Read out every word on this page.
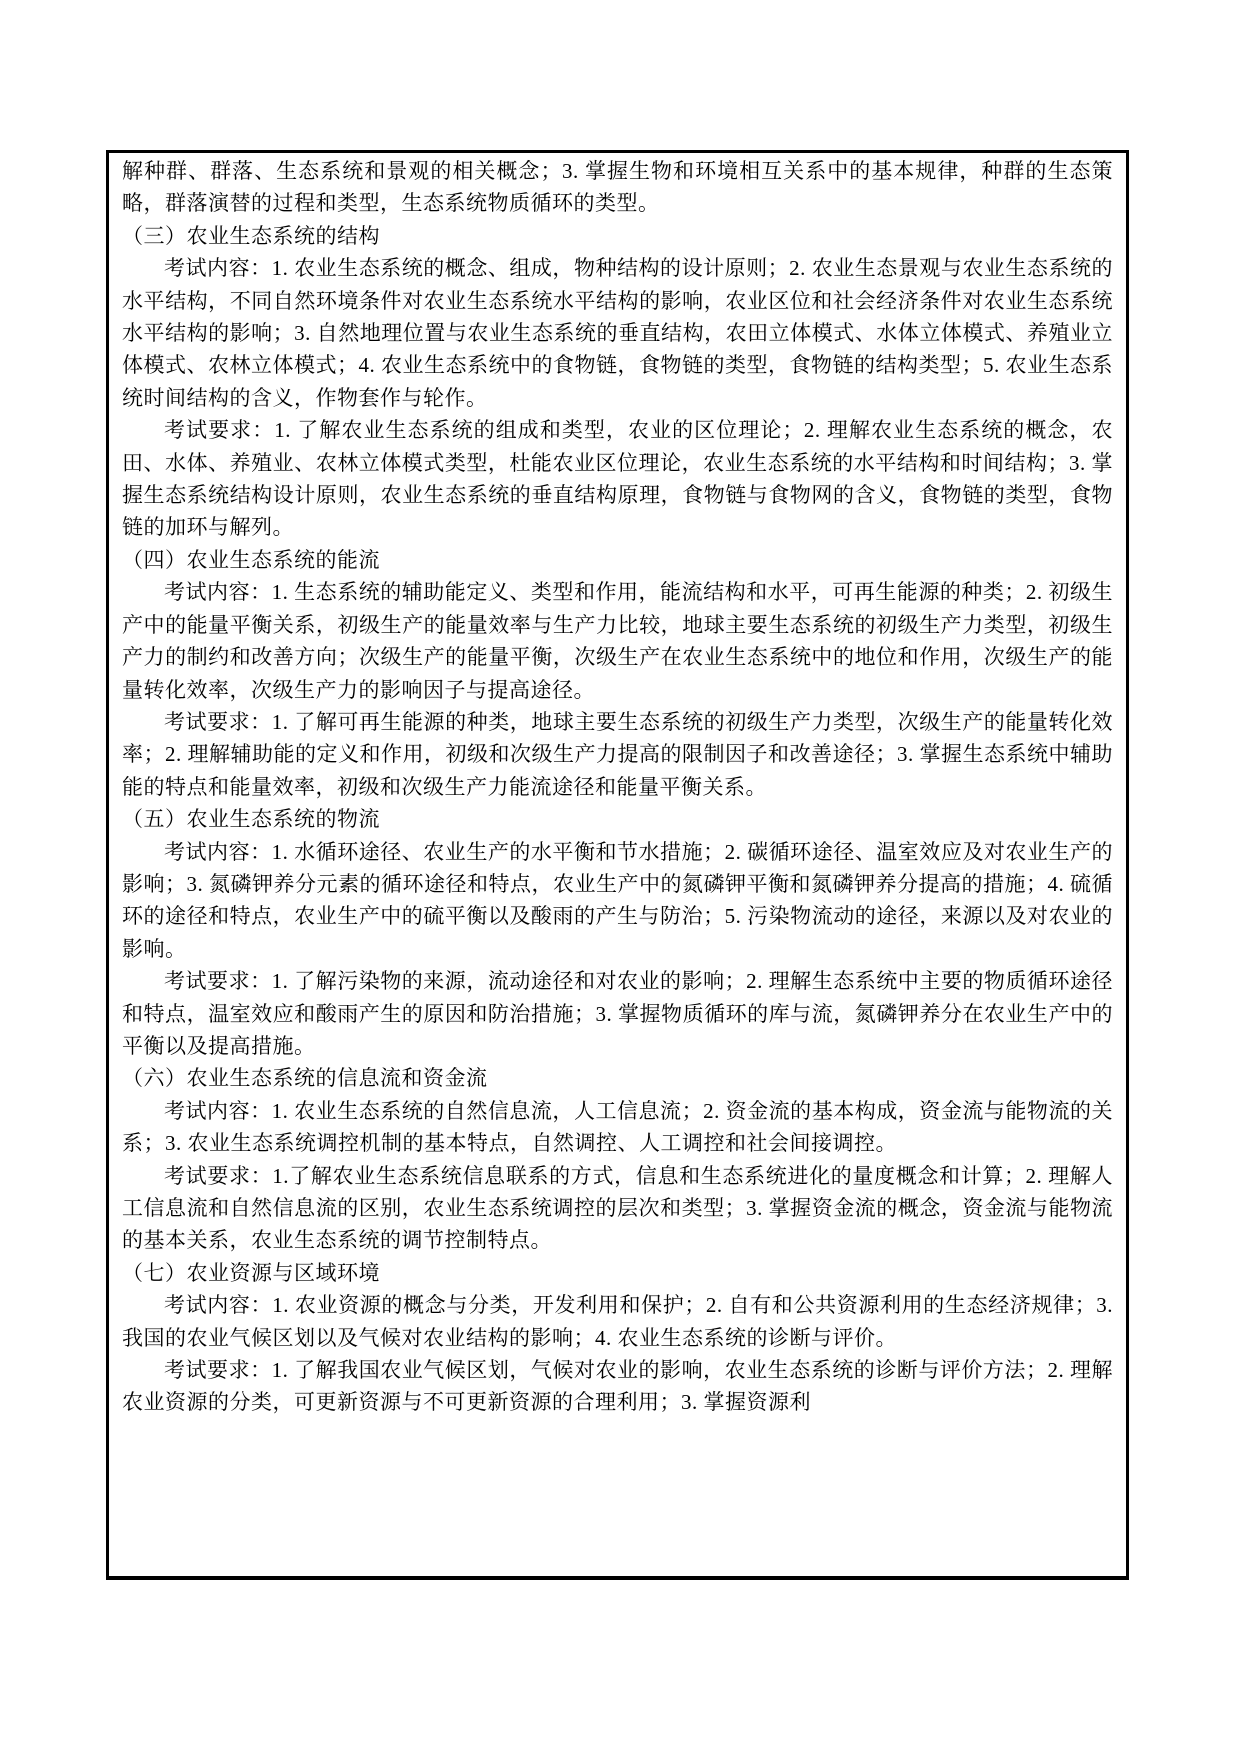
解种群、群落、生态系统和景观的相关概念；3. 掌握生物和环境相互关系中的基本规律，种群的生态策略，群落演替的过程和类型，生态系统物质循环的类型。
（三）农业生态系统的结构
考试内容：1. 农业生态系统的概念、组成，物种结构的设计原则；2. 农业生态景观与农业生态系统的水平结构，不同自然环境条件对农业生态系统水平结构的影响，农业区位和社会经济条件对农业生态系统水平结构的影响；3. 自然地理位置与农业生态系统的垂直结构，农田立体模式、水体立体模式、养殖业立体模式、农林立体模式；4. 农业生态系统中的食物链，食物链的类型，食物链的结构类型；5. 农业生态系统时间结构的含义，作物套作与轮作。
考试要求：1. 了解农业生态系统的组成和类型，农业的区位理论；2. 理解农业生态系统的概念，农田、水体、养殖业、农林立体模式类型，杜能农业区位理论，农业生态系统的水平结构和时间结构；3. 掌握生态系统结构设计原则，农业生态系统的垂直结构原理，食物链与食物网的含义，食物链的类型，食物链的加环与解列。
（四）农业生态系统的能流
考试内容：1. 生态系统的辅助能定义、类型和作用，能流结构和水平，可再生能源的种类；2. 初级生产中的能量平衡关系，初级生产的能量效率与生产力比较，地球主要生态系统的初级生产力类型，初级生产力的制约和改善方向；次级生产的能量平衡，次级生产在农业生态系统中的地位和作用，次级生产的能量转化效率，次级生产力的影响因子与提高途径。
考试要求：1. 了解可再生能源的种类，地球主要生态系统的初级生产力类型，次级生产的能量转化效率；2. 理解辅助能的定义和作用，初级和次级生产力提高的限制因子和改善途径；3. 掌握生态系统中辅助能的特点和能量效率，初级和次级生产力能流途径和能量平衡关系。
（五）农业生态系统的物流
考试内容：1. 水循环途径、农业生产的水平衡和节水措施；2. 碳循环途径、温室效应及对农业生产的影响；3. 氮磷钾养分元素的循环途径和特点，农业生产中的氮磷钾平衡和氮磷钾养分提高的措施；4. 硫循环的途径和特点，农业生产中的硫平衡以及酸雨的产生与防治；5. 污染物流动的途径，来源以及对农业的影响。
考试要求：1. 了解污染物的来源，流动途径和对农业的影响；2. 理解生态系统中主要的物质循环途径和特点，温室效应和酸雨产生的原因和防治措施；3. 掌握物质循环的库与流，氮磷钾养分在农业生产中的平衡以及提高措施。
（六）农业生态系统的信息流和资金流
考试内容：1. 农业生态系统的自然信息流，人工信息流；2. 资金流的基本构成，资金流与能物流的关系；3. 农业生态系统调控机制的基本特点，自然调控、人工调控和社会间接调控。
考试要求：1.了解农业生态系统信息联系的方式，信息和生态系统进化的量度概念和计算；2. 理解人工信息流和自然信息流的区别，农业生态系统调控的层次和类型；3. 掌握资金流的概念，资金流与能物流的基本关系，农业生态系统的调节控制特点。
（七）农业资源与区域环境
考试内容：1. 农业资源的概念与分类，开发利用和保护；2. 自有和公共资源利用的生态经济规律；3. 我国的农业气候区划以及气候对农业结构的影响；4. 农业生态系统的诊断与评价。
考试要求：1. 了解我国农业气候区划，气候对农业的影响，农业生态系统的诊断与评价方法；2. 理解农业资源的分类，可更新资源与不可更新资源的合理利用；3. 掌握资源利
